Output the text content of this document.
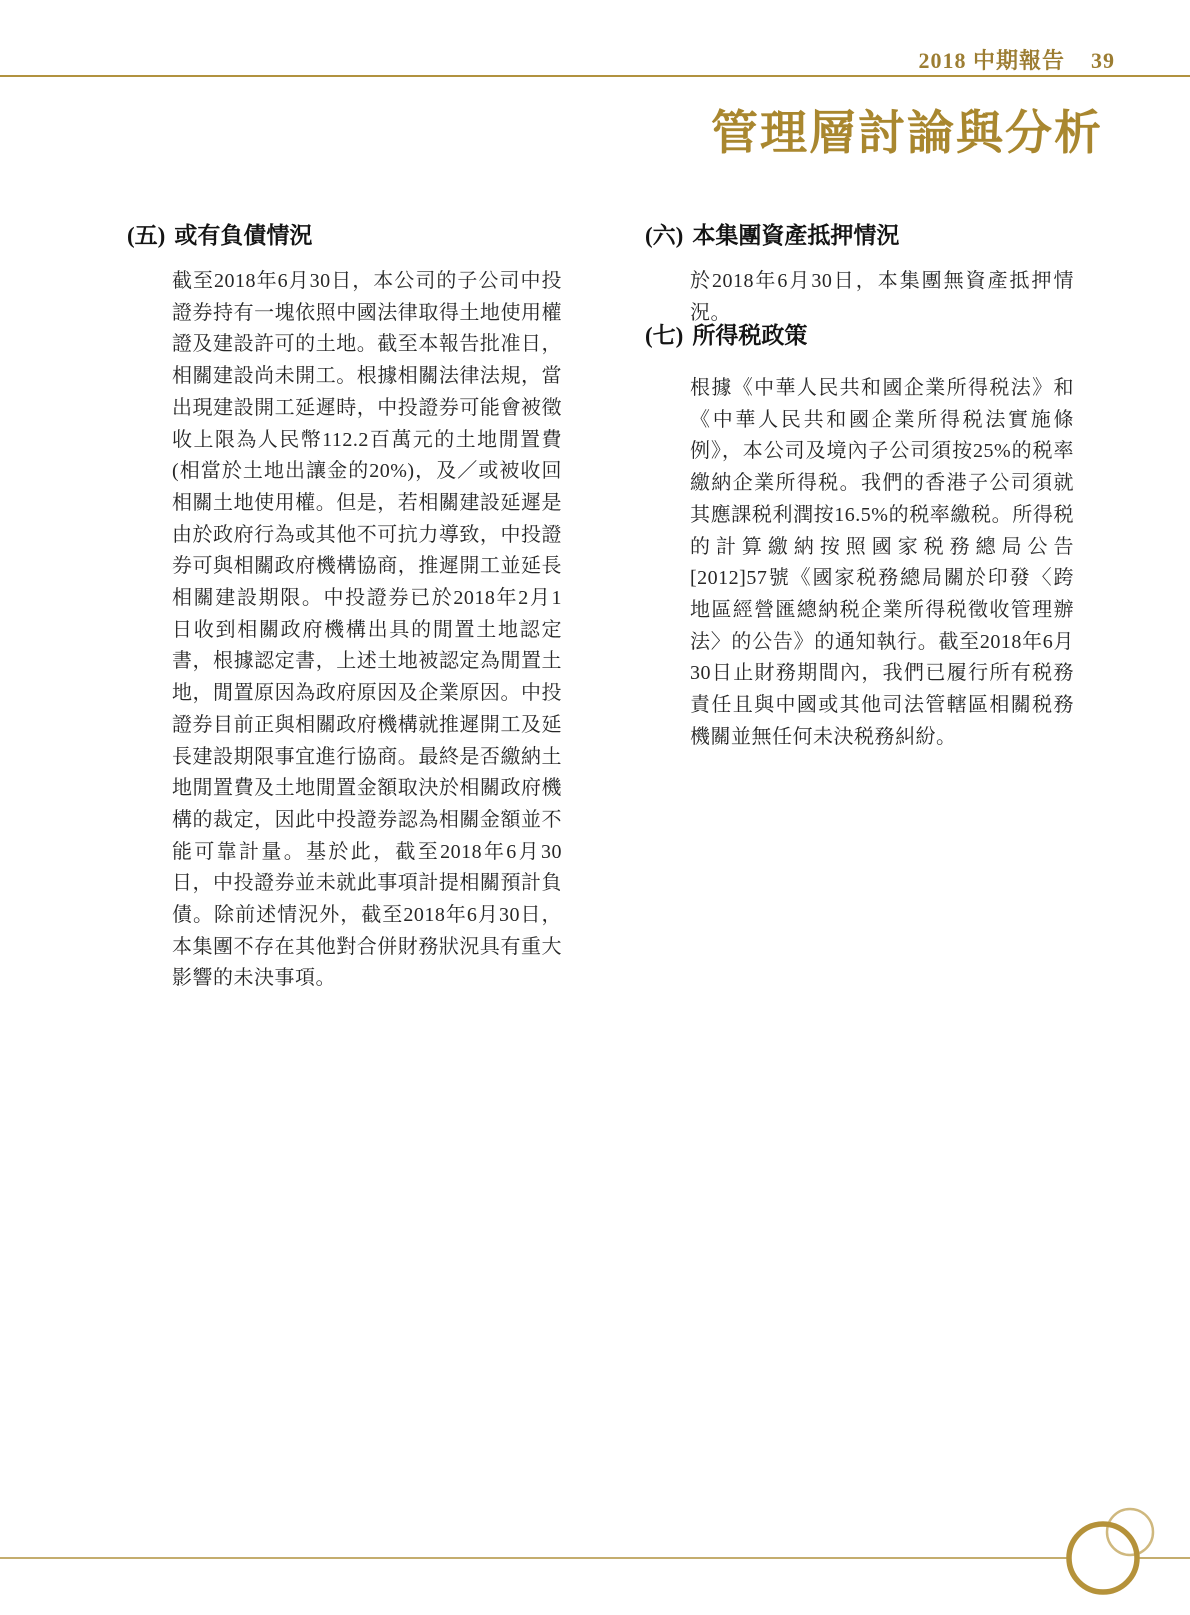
2018 中期報告 39
管理層討論與分析
(五) 或有負債情況

截至2018年6月30日，本公司的子公司中投證券持有一塊依照中國法律取得土地使用權證及建設許可的土地。截至本報告批准日，相關建設尚未開工。根據相關法律法規，當出現建設開工延遲時，中投證券可能會被徵收上限為人民幣112.2百萬元的土地閒置費 (相當於土地出讓金的20%)，及／或被收回相關土地使用權。但是，若相關建設延遲是由於政府行為或其他不可抗力導致，中投證券可與相關政府機構協商，推遲開工並延長相關建設期限。中投證券已於2018年2月1日收到相關政府機構出具的閒置土地認定書，根據認定書，上述土地被認定為閒置土地，閒置原因為政府原因及企業原因。中投證券目前正與相關政府機構就推遲開工及延長建設期限事宜進行協商。最終是否繳納土地閒置費及土地閒置金額取決於相關政府機構的裁定，因此中投證券認為相關金額並不能可靠計量。基於此，截至2018年6月30日，中投證券並未就此事項計提相關預計負債。除前述情況外，截至2018年6月30日，本集團不存在其他對合併財務狀況具有重大影響的未決事項。

(六) 本集團資產抵押情況

於2018年6月30日，本集團無資產抵押情況。

(七) 所得税政策

根據《中華人民共和國企業所得税法》和《中華人民共和國企業所得税法實施條例》，本公司及境內子公司須按25%的税率繳納企業所得税。我們的香港子公司須就其應課税利潤按16.5%的税率繳税。所得税的計算繳納按照國家税務總局公告[2012]57號《國家税務總局關於印發〈跨地區經營匯總納税企業所得税徵收管理辦法〉的公告》的通知執行。截至2018年6月30日止財務期間內，我們已履行所有税務責任且與中國或其他司法管轄區相關税務機關並無任何未決税務糾紛。
